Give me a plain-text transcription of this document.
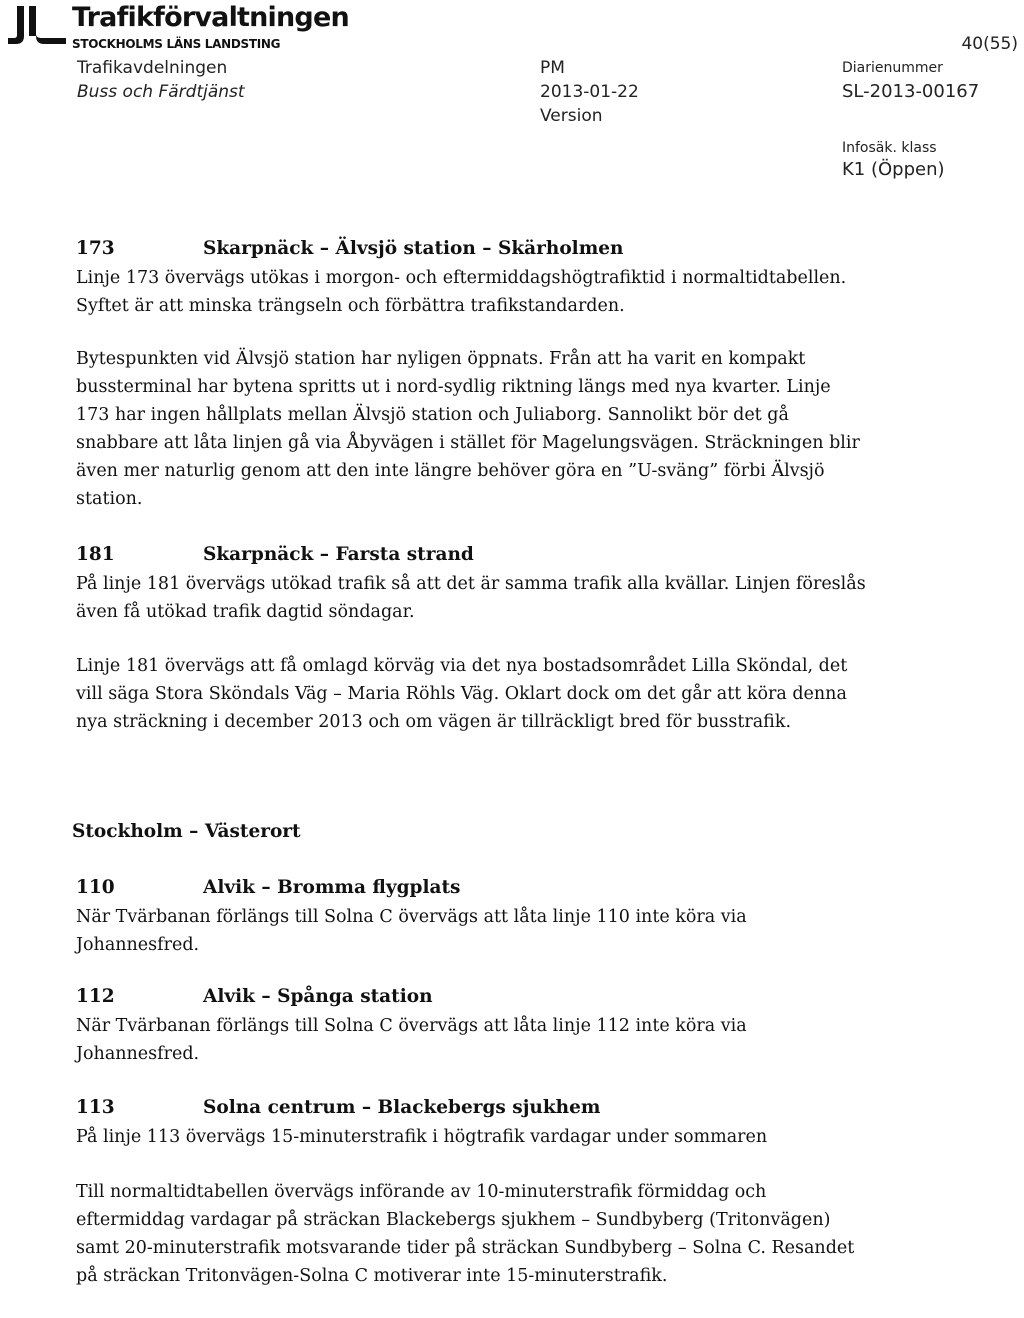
Trafikförvaltningen
STOCKHOLMS LÄNS LANDSTING	40(55)
Trafikavdelningen
Buss och Färdtjänst
PM
2013-01-22
Version
Diarienummer
SL-2013-00167
Infosäk. klass
K1 (Öppen)
173	Skarpnäck – Älvsjö station – Skärholmen
Linje 173 övervägs utökas i morgon- och eftermiddagshögtrafiktid i normaltidtabellen. Syftet är att minska trängseln och förbättra trafikstandarden.
Bytespunkten vid Älvsjö station har nyligen öppnats. Från att ha varit en kompakt bussterminal har bytena spritts ut i nord-sydlig riktning längs med nya kvarter. Linje 173 har ingen hållplats mellan Älvsjö station och Juliaborg. Sannolikt bör det gå snabbare att låta linjen gå via Åbyvägen i stället för Magelungsvägen. Sträckningen blir även mer naturlig genom att den inte längre behöver göra en ”U-sväng” förbi Älvsjö station.
181	Skarpnäck – Farsta strand
På linje 181 övervägs utökad trafik så att det är samma trafik alla kvällar. Linjen föreslås även få utökad trafik dagtid söndagar.
Linje 181 övervägs att få omlagd körväg via det nya bostadsområdet Lilla Sköndal, det vill säga Stora Sköndals Väg – Maria Röhls Väg. Oklart dock om det går att köra denna nya sträckning i december 2013 och om vägen är tillräckligt bred för busstrafik.
Stockholm – Västerort
110	Alvik – Bromma flygplats
När Tvärbanan förlängs till Solna C övervägs att låta linje 110 inte köra via Johannesfred.
112	Alvik – Spånga station
När Tvärbanan förlängs till Solna C övervägs att låta linje 112 inte köra via Johannesfred.
113	Solna centrum – Blackebergs sjukhem
På linje 113 övervägs 15-minuterstrafik i högtrafik vardagar under sommaren
Till normaltidtabellen övervägs införande av 10-minuterstrafik förmiddag och eftermiddag vardagar på sträckan Blackebergs sjukhem – Sundbyberg (Tritonvägen) samt 20-minuterstrafik motsvarande tider på sträckan Sundbyberg – Solna C. Resandet på sträckan Tritonvägen-Solna C motiverar inte 15-minuterstrafik.
